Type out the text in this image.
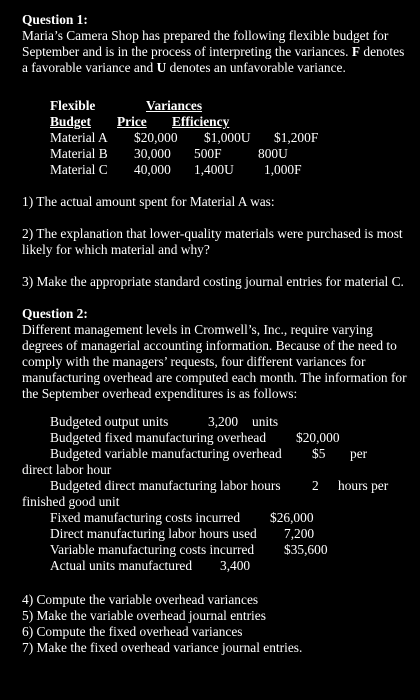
Question 1:

Maria’s Camera Shop has prepared the following flexible budget for September and is in the process of interpreting the variances. F denotes a favorable variance and U denotes an unfavorable variance.

Flexible	Variances
Budget Price Efficiency
Material A $20,000 $1,000U $1,200F
Material B 30,000 500F	800U
Material C 40,000 1,400U 1,000F
1) The actual amount spent for Material A was:
2) The explanation that lower-quality materials were purchased is most likely for which material and why?
3) Make the appropriate standard costing journal entries for material C.
Question 2:

Different management levels in Cromwell’s, Inc., require varying degrees of managerial accounting information. Because of the need to comply with the managers’ requests, four different variances for manufacturing overhead are computed each month. The information for the September overhead expenditures is as follows:

Budgeted output units	3,200 units
Budgeted fixed manufacturing overhead $20,000
Budgeted variable manufacturing overhead $5 per
direct labor hour
Budgeted direct manufacturing labor hours 2 hours per
finished good unit
Fixed manufacturing costs incurred $26,000
Direct manufacturing labor hours used 7,200
Variable manufacturing costs incurred $35,600
Actual units manufactured 3,400
4) Compute the variable overhead variances
5) Make the variable overhead journal entries
6) Compute the fixed overhead variances
7) Make the fixed overhead variance journal entries.
